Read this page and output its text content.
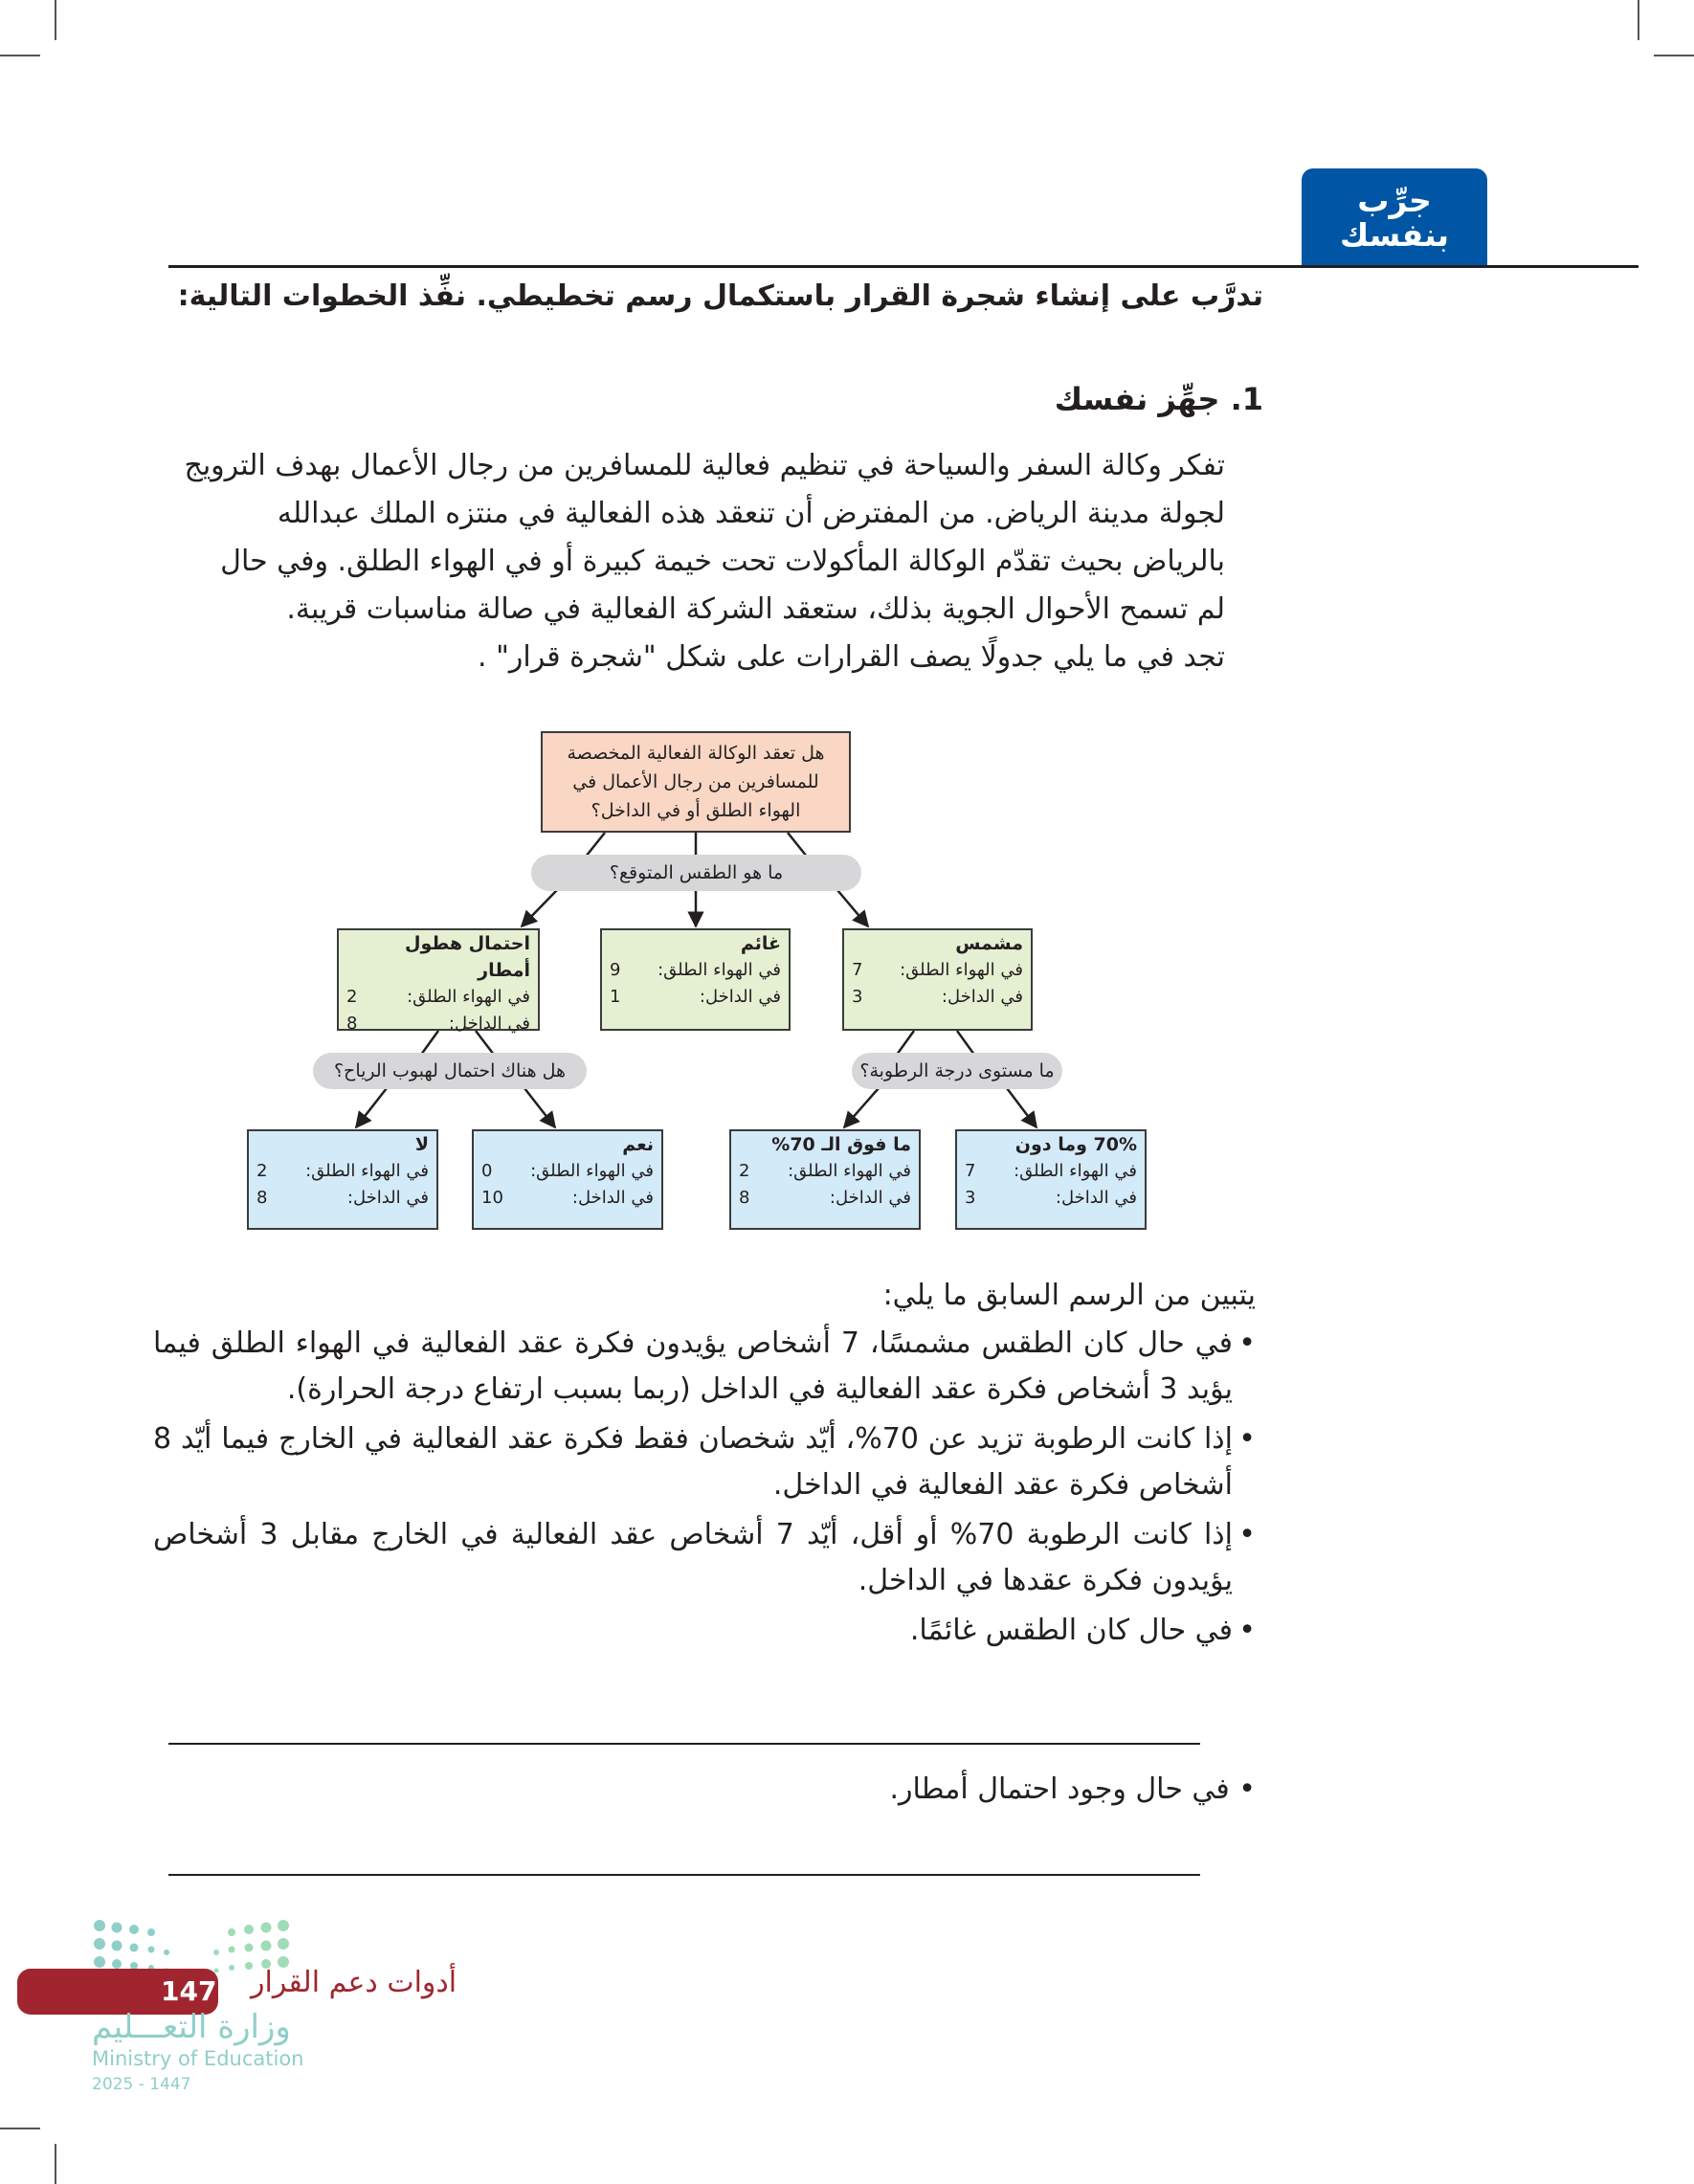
جرِّب
بنفسك
تدرَّب على إنشاء شجرة القرار باستكمال رسم تخطيطي. نفِّذ الخطوات التالية:
1. جهِّز نفسك

تفكر وكالة السفر والسياحة في تنظيم فعالية للمسافرين من رجال الأعمال بهدف الترويج

لجولة مدينة الرياض. من المفترض أن تنعقد هذه الفعالية في منتزه الملك عبدالله

بالرياض بحيث تقدّم الوكالة المأكولات تحت خيمة كبيرة أو في الهواء الطلق. وفي حال

لم تسمح الأحوال الجوية بذلك، ستعقد الشركة الفعالية في صالة مناسبات قريبة.

تجد في ما يلي جدولًا يصف القرارات على شكل "شجرة قرار" .

هل تعقد الوكالة الفعالية المخصصة
للمسافرين من رجال الأعمال في
الهواء الطلق أو في الداخل؟
ما هو الطقس المتوقع؟
مشمس
في الهواء الطلق:
7
في الداخل:
3
غائم
في الهواء الطلق:
9
في الداخل:
1
احتمال هطول أمطار
في الهواء الطلق:
2
في الداخل:
8
هل هناك احتمال لهبوب الرياح؟	ما مستوى درجة الرطوبة؟
70% وما دون
في الهواء الطلق:
7
في الداخل:
3
ما فوق الـ 70%
في الهواء الطلق:
2
في الداخل:
8
نعم
في الهواء الطلق:
0
في الداخل:
10
لا
في الهواء الطلق:
2
في الداخل:
8

يتبين من الرسم السابق ما يلي:

• في حال كان الطقس مشمسًا، 7 أشخاص يؤيدون فكرة عقد الفعالية في الهواء الطلق فيما يؤيد 3 أشخاص فكرة عقد الفعالية في الداخل (ربما بسبب ارتفاع درجة الحرارة).
• إذا كانت الرطوبة تزيد عن 70%، أيّد شخصان فقط فكرة عقد الفعالية في الخارج فيما أيّد 8 أشخاص فكرة عقد الفعالية في الداخل.
• إذا كانت الرطوبة 70% أو أقل، أيّد 7 أشخاص عقد الفعالية في الخارج مقابل 3 أشخاص يؤيدون فكرة عقدها في الداخل.
• في حال كان الطقس غائمًا.
• في حال وجود احتمال أمطار.
147 أدوات دعم القرار
وزارة التعـــليم
Ministry of Education
2025 - 1447
